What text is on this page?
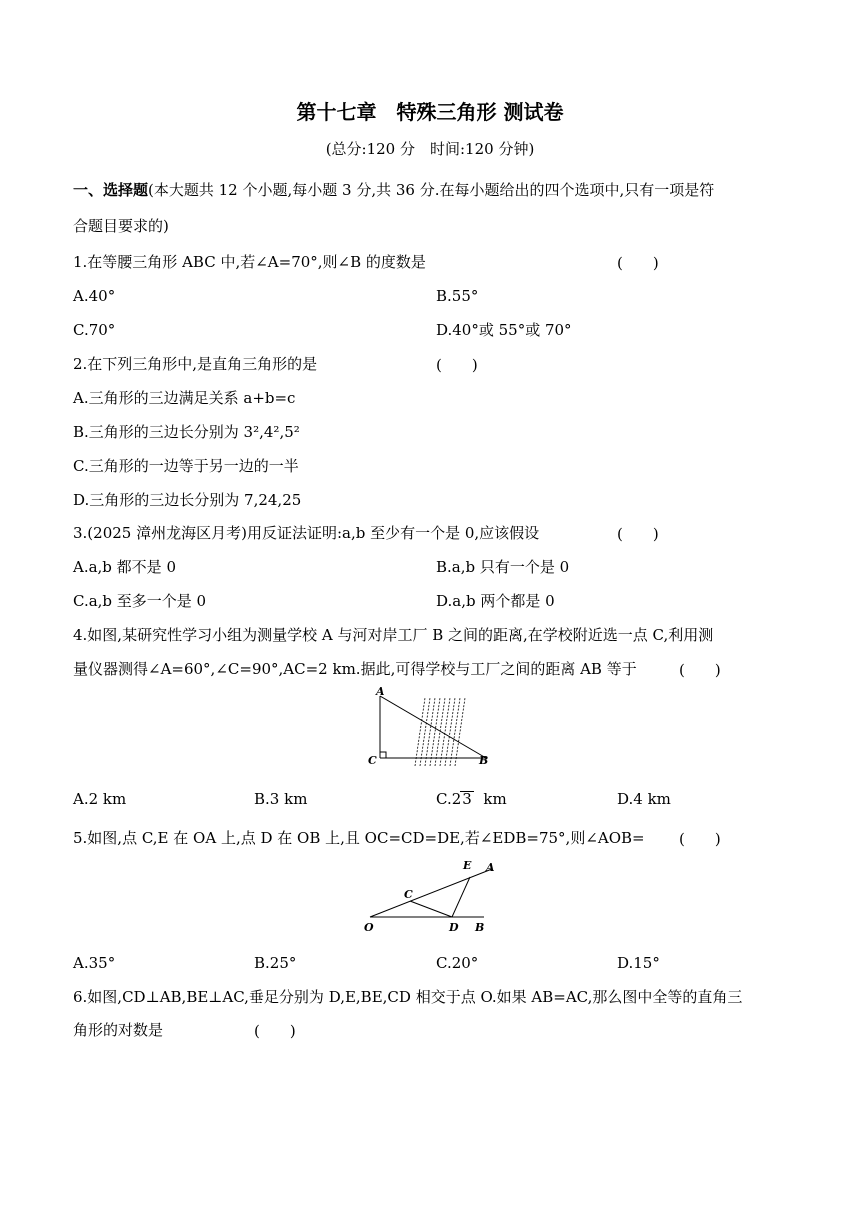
第十七章　特殊三角形 测试卷
(总分:120 分　时间:120 分钟)
一、选择题(本大题共 12 个小题,每小题 3 分,共 36 分.在每小题给出的四个选项中,只有一项是符
合题目要求的)
1.在等腰三角形 ABC 中,若∠A=70°,则∠B 的度数是	(　　)
A.40°	B.55°
C.70°	D.40°或 55°或 70°
2.在下列三角形中,是直角三角形的是	(　　)
A.三角形的三边满足关系 a+b=c
B.三角形的三边长分别为 3²,4²,5²
C.三角形的一边等于另一边的一半
D.三角形的三边长分别为 7,24,25
3.(2025 漳州龙海区月考)用反证法证明:a,b 至少有一个是 0,应该假设	(　　)
A.a,b 都不是 0	B.a,b 只有一个是 0
C.a,b 至多一个是 0	D.a,b 两个都是 0
4.如图,某研究性学习小组为测量学校 A 与河对岸工厂 B 之间的距离,在学校附近选一点 C,利用测
量仪器测得∠A=60°,∠C=90°,AC=2 km.据此,可得学校与工厂之间的距离 AB 等于	(　　)
A
C	B
A.2 km	B.3 km	C.23  km	D.4 km
5.如图,点 C,E 在 OA 上,点 D 在 OB 上,且 OC=CD=DE,若∠EDB=75°,则∠AOB= (　　)
E A
C
O	D B
A.35°	B.25°	C.20°	D.15°
6.如图,CD⊥AB,BE⊥AC,垂足分别为 D,E,BE,CD 相交于点 O.如果 AB=AC,那么图中全等的直角三
角形的对数是	(　　)
